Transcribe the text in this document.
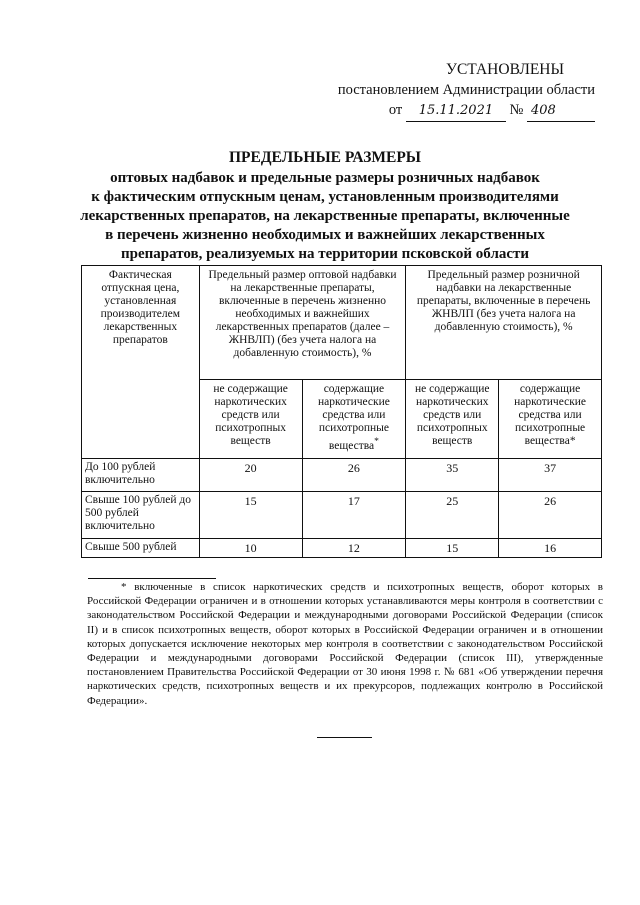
УСТАНОВЛЕНЫ
постановлением Администрации области
от 15.11.2021 № 408
ПРЕДЕЛЬНЫЕ РАЗМЕРЫ
оптовых надбавок и предельные размеры розничных надбавок
к фактическим отпускным ценам, установленным производителями
лекарственных препаратов, на лекарственные препараты, включенные
в перечень жизненно необходимых и важнейших лекарственных
препаратов, реализуемых на территории псковской области
Фактическая отпускная цена, установленная производителем лекарственных препаратов	Предельный размер оптовой надбавки на лекарственные препараты, включенные в перечень жизненно необходимых и важнейших лекарственных препаратов (далее – ЖНВЛП) (без учета налога на добавленную стоимость), %		Предельный размер розничной надбавки на лекарственные препараты, включенные в перечень ЖНВЛП (без учета налога на добавленную стоимость), %	
	не содержащие наркотических средств или психотропных веществ	содержащие наркотические средства или психотропные вещества*	не содержащие наркотических средств или психотропных веществ	содержащие наркотические средства или психотропные вещества*
До 100 рублей включительно	20	26	35	37
Свыше 100 рублей до 500 рублей включительно	15	17	25	26
Свыше 500 рублей	10	12	15	16
* включенные в список наркотических средств и психотропных веществ, оборот которых в Российской Федерации ограничен и в отношении которых устанавливаются меры контроля в соответствии с законодательством Российской Федерации и международными договорами Российской Федерации (список II) и в список психотропных веществ, оборот которых в Российской Федерации ограничен и в отношении которых допускается исключение некоторых мер контроля в соответствии с законодательством Российской Федерации и международными договорами Российской Федерации (список III), утвержденные постановлением Правительства Российской Федерации от 30 июня 1998 г. № 681 «Об утверждении перечня наркотических средств, психотропных веществ и их прекурсоров, подлежащих контролю в Российской Федерации».
